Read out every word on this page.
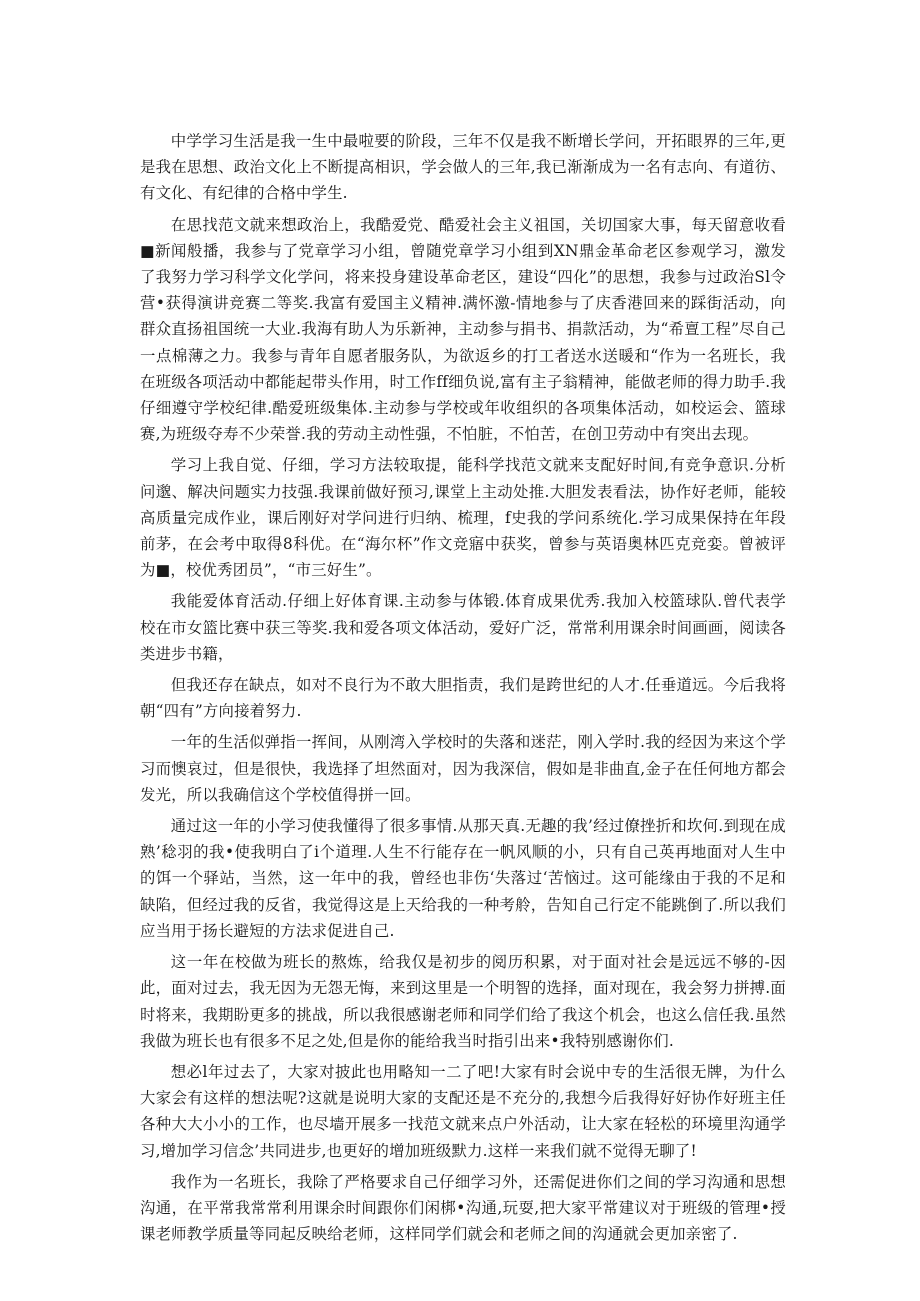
中学学习生活是我一生中最啦要的阶段，三年不仅是我不断增长学问，开拓眼界的三年,更是我在思想、政治文化上不断提高相识，学会做人的三年,我已渐渐成为一名有志向、有道彷、有文化、有纪律的合格中学生.

在思找范文就来想政治上，我酷爱党、酷爱社会主义祖国，关切国家大事，每天留意收看■新闻般播，我参与了党章学习小组，曾随党章学习小组到XN鼎金革命老区参观学习，激发了我努力学习科学文化学问，将来投身建设革命老区，建设“四化”的思想，我参与过政治Sl令营•获得演讲竞赛二等奖.我富有爱国主义精神.满怀激-情地参与了庆香港回来的踩街活动，向群众直扬祖国统一大业.我海有助人为乐新神，主动参与捐书、捐款活动，为“希亶工程”尽自己一点棉薄之力。我参与青年自愿者服务队，为欲返乡的打工者送水送暖和“作为一名班长，我在班级各项活动中都能起带头作用，时工作ff细负说,富有主子翁精神，能做老师的得力助手.我仔细遵守学校纪律.酷爱班级集体.主动参与学校或年收组织的各项集体活动，如校运会、篮球赛,为班级夺寿不少荣誉.我的劳动主动性强，不怕脏，不怕苦，在创卫劳动中有突出去现。

学习上我自觉、仔细，学习方法较取提，能科学找范文就来支配好时间,有竞争意识.分析问邈、解决问题实力技强.我课前做好预习,课堂上主动处推.大胆发表看法，协作好老师，能较高质量完成作业，课后刚好对学问进行归纳、梳理，f史我的学问系统化.学习成果保持在年段前茅，在会考中取得8科优。在“海尔杯”作文竞寤中获奖，曾参与英语奥林匹克竞娈。曾被评为■，校优秀团员”，“市三好生”。

我能爱体育活动.仔细上好体育课.主动参与体锻.体育成果优秀.我加入校篮球队.曾代表学校在市女篮比赛中获三等奖.我和爱各项文体活动，爱好广泛，常常利用课余时间画画，阅读各类进步书籍，

但我还存在缺点，如对不良行为不敢大胆指责，我们是跨世纪的人才.任垂道远。今后我将朝“四有”方向接着努力.

一年的生活似弹指一挥间，从刚湾入学校时的失落和迷茫，刚入学时.我的经因为来这个学习而懊哀过，但是很快，我选择了坦然面对，因为我深信，假如是非曲直,金子在任何地方都会发光，所以我确信这个学校值得拼一回。

通过这一年的小学习使我懂得了很多事情.从那天真.无趣的我’经过僚挫折和坎何.到现在成熟’稔羽的我•使我明白了i个道理.人生不行能存在一帆风顺的小，只有自己英再地面对人生中的饵一个驿站，当然，这一年中的我，曾经也非伤‘失落过‘苦恼过。这可能缘由于我的不足和缺陷，但经过我的反省，我觉得这是上天给我的一种考舲，告知自己行定不能跳倒了.所以我们应当用于扬长避短的方法求促进自己.

这一年在校做为班长的熬炼，给我仅是初步的阅历积累，对于面对社会是远远不够的-因此，面对过去，我无因为无怨无悔，来到这里是一个明智的选择，面对现在，我会努力拼搏.面时将来，我期盼更多的挑战，所以我很感谢老师和同学们给了我这个机会，也这么信任我.虽然我做为班长也有很多不足之处,但是你的能给我当时指引出来•我特别感谢你们.

想必l年过去了，大家对披此也用略知一二了吧!大家有时会说中专的生活很无牌，为什么大家会有这样的想法呢?这就是说明大家的支配还是不充分的,我想今后我得好好协作好班主任各种大大小小的工作，也尽墙开展多一找范文就来点户外活动，让大家在轻松的环境里沟通学习,增加学习信念’共同进步,也更好的增加班级默力.这样一来我们就不觉得无聊了!

我作为一名班长，我除了严格要求自己仔细学习外，还需促进你们之间的学习沟通和思想沟通，在平常我常常利用课余时间跟你们闲梆•沟通,玩耍,把大家平常建议对于班级的管理•授课老师教学质量等同起反映给老师，这样同学们就会和老师之间的沟通就会更加亲密了.
